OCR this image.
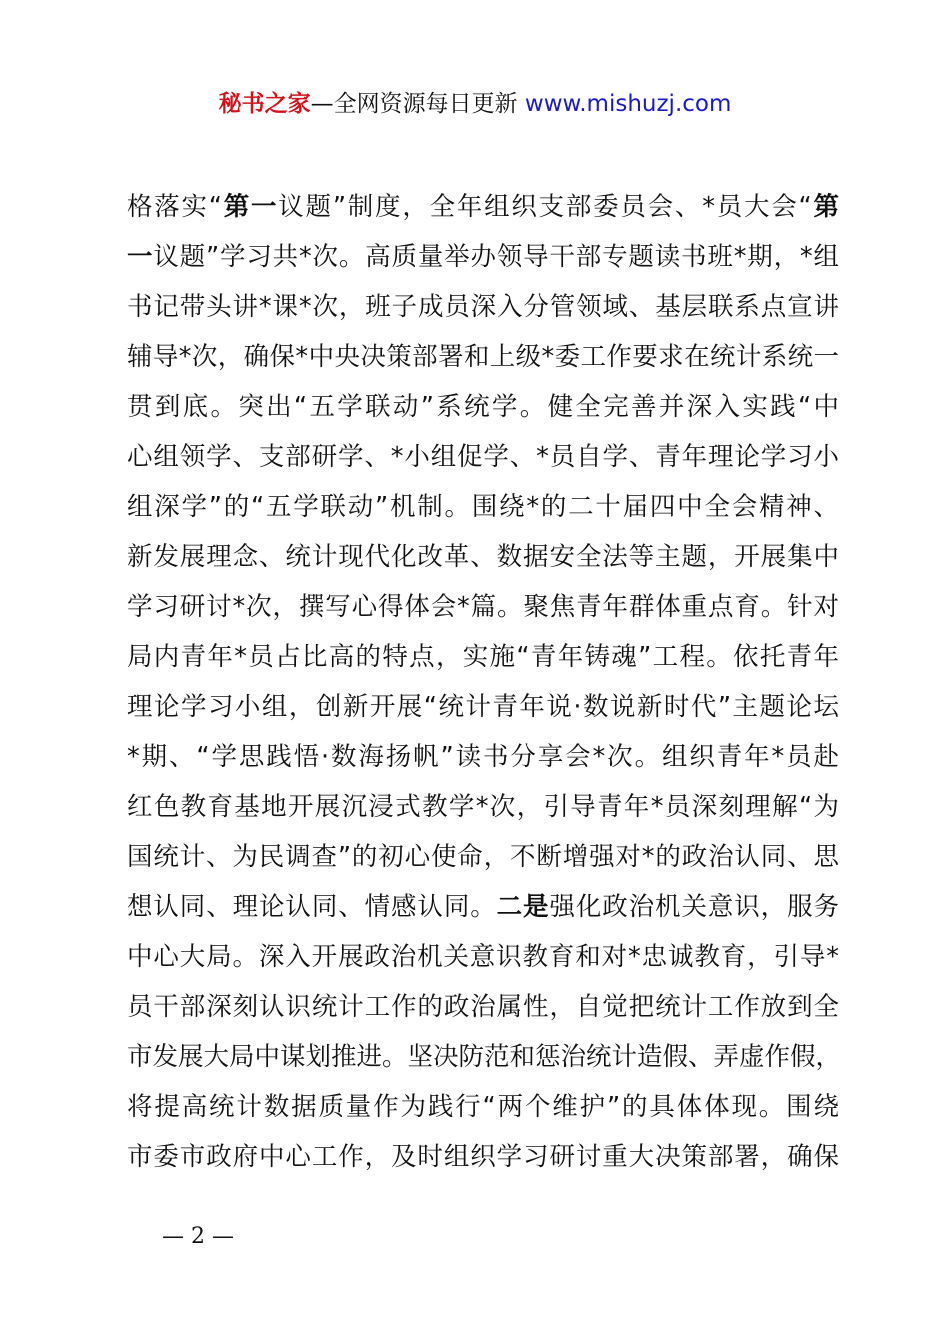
秘书之家—全网资源每日更新 www.mishuzj.com
格落实“第一议题”制度，全年组织支部委员会、*员大会“第
一议题”学习共*次。高质量举办领导干部专题读书班*期，*组
书记带头讲*课*次，班子成员深入分管领域、基层联系点宣讲
辅导*次，确保*中央决策部署和上级*委工作要求在统计系统一
贯到底。突出“五学联动”系统学。健全完善并深入实践“中
心组领学、支部研学、*小组促学、*员自学、青年理论学习小
组深学”的“五学联动”机制。围绕*的二十届四中全会精神、
新发展理念、统计现代化改革、数据安全法等主题，开展集中
学习研讨*次，撰写心得体会*篇。聚焦青年群体重点育。针对
局内青年*员占比高的特点，实施“青年铸魂”工程。依托青年
理论学习小组，创新开展“统计青年说·数说新时代”主题论坛
*期、“学思践悟·数海扬帆”读书分享会*次。组织青年*员赴
红色教育基地开展沉浸式教学*次，引导青年*员深刻理解“为
国统计、为民调查”的初心使命，不断增强对*的政治认同、思
想认同、理论认同、情感认同。二是强化政治机关意识，服务
中心大局。深入开展政治机关意识教育和对*忠诚教育，引导*
员干部深刻认识统计工作的政治属性，自觉把统计工作放到全
市发展大局中谋划推进。坚决防范和惩治统计造假、弄虚作假，
将提高统计数据质量作为践行“两个维护”的具体体现。围绕
市委市政府中心工作，及时组织学习研讨重大决策部署，确保
— 2 —
